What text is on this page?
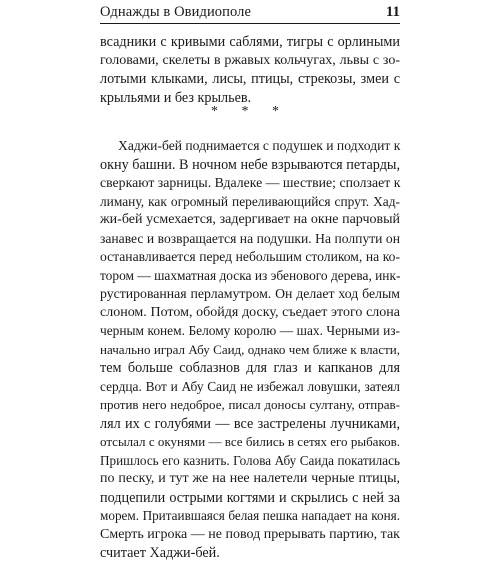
Однажды в Овидиополе	11
всадники с кривыми саблями, тигры с орлиными
головами, скелеты в ржавых кольчугах, львы с зо-
лотыми клыками, лисы, птицы, стрекозы, змеи с
крыльями и без крыльев.
* * *
Хаджи-бей поднимается с подушек и подходит к
окну башни. В ночном небе взрываются петарды,
сверкают зарницы. Вдалеке — шествие; сползает к
лиману, как огромный переливающийся спрут. Хад-
жи-бей усмехается, задергивает на окне парчовый
занавес и возвращается на подушки. На полпути он
останавливается перед небольшим столиком, на ко-
тором — шахматная доска из эбенового дерева, инк-
рустированная перламутром. Он делает ход белым
слоном. Потом, обойдя доску, съедает этого слона
черным конем. Белому королю — шах. Черными из-
начально играл Абу Саид, однако чем ближе к власти,
тем больше соблазнов для глаз и капканов для
сердца. Вот и Абу Саид не избежал ловушки, затеял
против него недоброе, писал доносы султану, отправ-
лял их с голубями — все застрелены лучниками,
отсылал с окунями — все бились в сетях его рыбаков.
Пришлось его казнить. Голова Абу Саида покатилась
по песку, и тут же на нее налетели черные птицы,
подцепили острыми когтями и скрылись с ней за
морем. Притаившаяся белая пешка нападает на коня.
Смерть игрока — не повод прерывать партию, так
считает Хаджи-бей.
